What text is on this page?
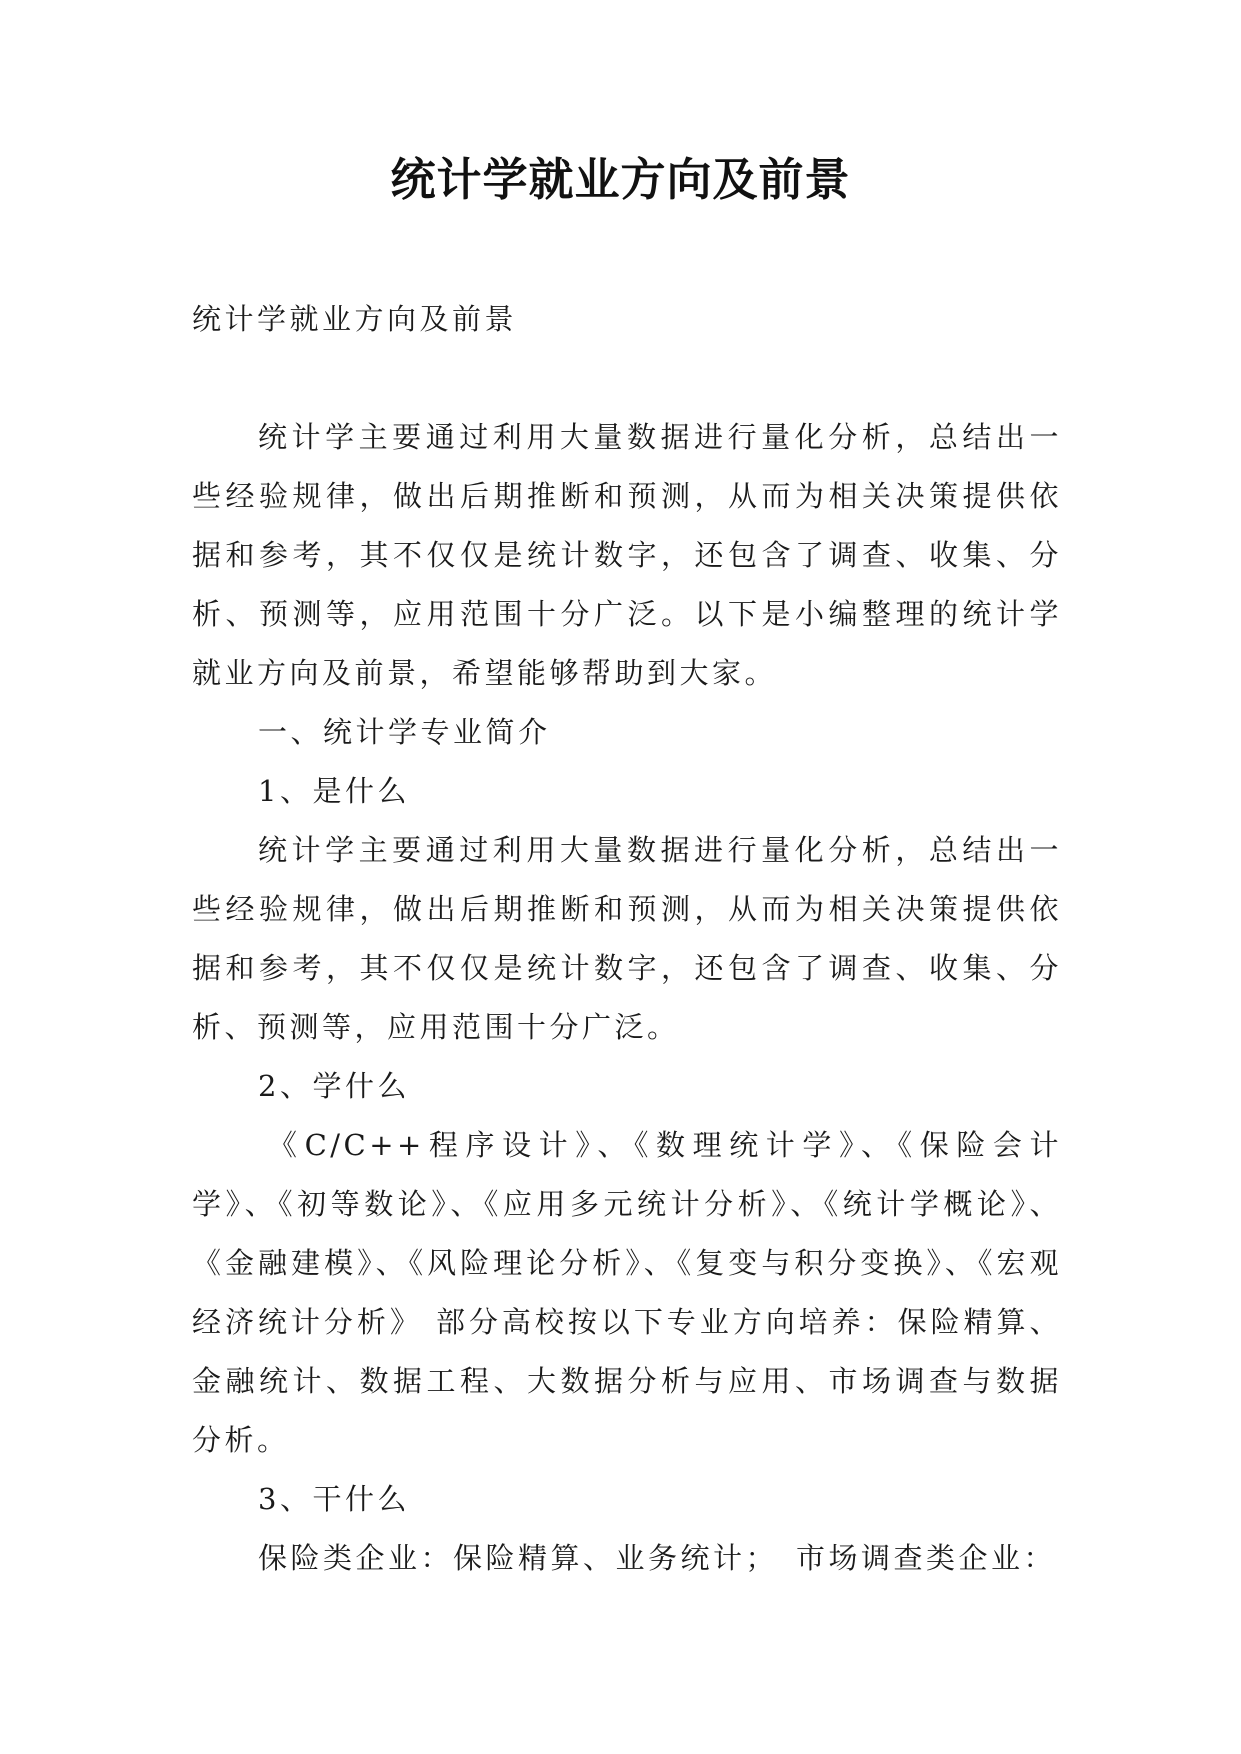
统计学就业方向及前景

统计学就业方向及前景

统计学主要通过利用大量数据进行量化分析，总结出一些经验规律，做出后期推断和预测，从而为相关决策提供依据和参考，其不仅仅是统计数字，还包含了调查、收集、分析、预测等，应用范围十分广泛。以下是小编整理的统计学就业方向及前景，希望能够帮助到大家。

一、统计学专业简介

1、是什么

统计学主要通过利用大量数据进行量化分析，总结出一些经验规律，做出后期推断和预测，从而为相关决策提供依据和参考，其不仅仅是统计数字，还包含了调查、收集、分析、预测等，应用范围十分广泛。

2、学什么

《C/C++程序设计》、《数理统计学》、《保险会计学》、《初等数论》、《应用多元统计分析》、《统计学概论》、《金融建模》、《风险理论分析》、《复变与积分变换》、《宏观经济统计分析》 部分高校按以下专业方向培养：保险精算、金融统计、数据工程、大数据分析与应用、市场调查与数据分析。

3、干什么

保险类企业：保险精算、业务统计；　市场调查类企业：
